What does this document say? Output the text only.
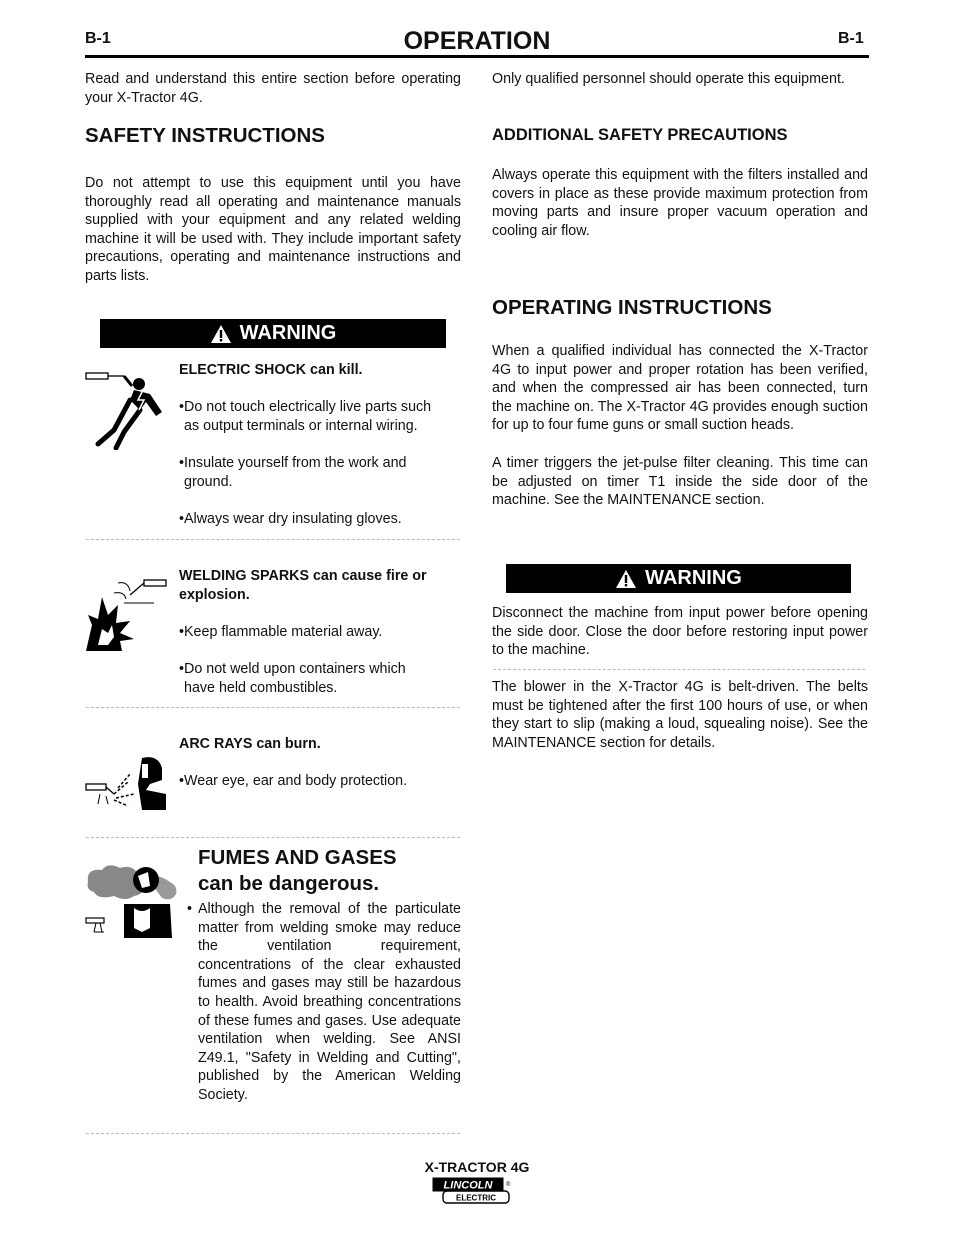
B-1	OPERATION	B-1
Read and understand this entire section before operating your X-Tractor 4G.
SAFETY INSTRUCTIONS
Do not attempt to use this equipment until you have thoroughly read all operating and maintenance manuals supplied with your equipment and any related welding machine it will be used with. They include important safety precautions, operating and maintenance instructions and parts lists.
WARNING
ELECTRIC SHOCK can kill.
•Do not touch electrically live parts such
as output terminals or internal wiring.
•Insulate yourself from the work and
ground.
•Always wear dry insulating gloves.
WELDING SPARKS can cause fire or
explosion.
•Keep flammable material away.
•Do not weld upon containers which
have held combustibles.
ARC RAYS can burn.
•Wear eye, ear and body protection.
FUMES AND GASES
can be dangerous.
• Although the removal of the particulate matter from welding smoke may reduce the ventilation requirement, concentrations of the clear exhausted fumes and gases may still be hazardous to health. Avoid breathing concentrations of these fumes and gases. Use adequate ventilation when welding. See ANSI Z49.1, "Safety in Welding and Cutting", published by the American Welding Society.
Only qualified personnel should operate this equipment.
ADDITIONAL SAFETY PRECAUTIONS
Always operate this equipment with the filters installed and covers in place as these provide maximum protection from moving parts and insure proper vacuum operation and cooling air flow.
OPERATING INSTRUCTIONS
When a qualified individual has connected the X-Tractor 4G to input power and proper rotation has been verified, and when the compressed air has been connected, turn the machine on. The X-Tractor 4G provides enough suction for up to four fume guns or small suction heads.
A timer triggers the jet-pulse filter cleaning. This time can be adjusted on timer T1 inside the side door of the machine. See the MAINTENANCE section.
WARNING
Disconnect the machine from input power before opening the side door. Close the door before restoring input power to the machine.
The blower in the X-Tractor 4G is belt-driven. The belts must be tightened after the first 100 hours of use, or when they start to slip (making a loud, squealing noise). See the MAINTENANCE section for details.
X-TRACTOR 4G
LINCOLN ®
ELECTRIC
